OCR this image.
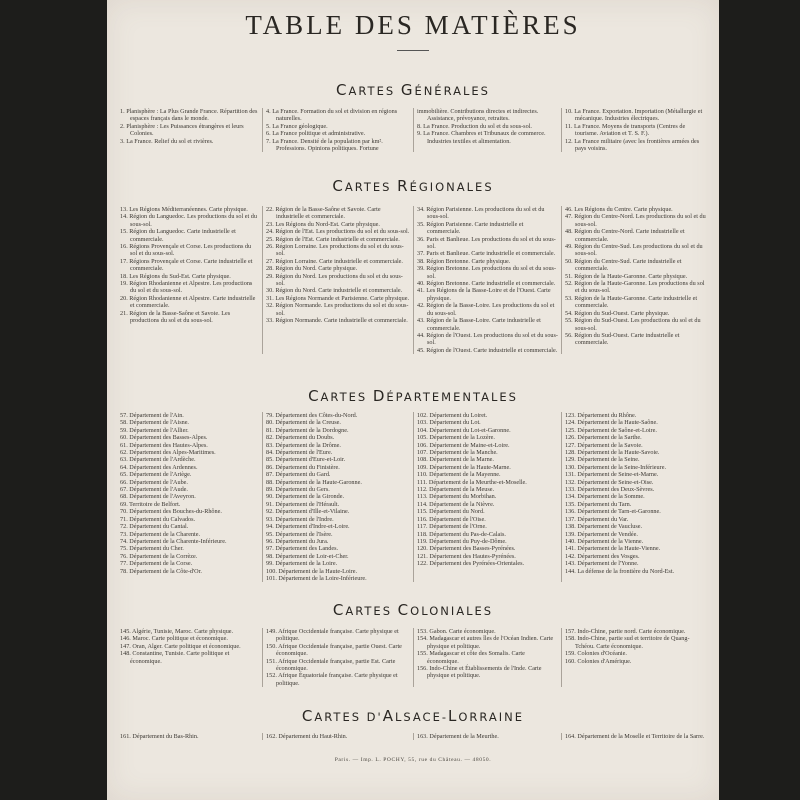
TABLE DES MATIÈRES
CARTES GÉNÉRALES

1. Planisphère : La Plus Grande France. Répartition des espaces français dans le monde.

2. Planisphère : Les Puissances étrangères et leurs Colonies.

3. La France. Relief du sol et rivières.

4. La France. Formation du sol et division en régions naturelles.

5. La France géologique.

6. La France politique et administrative.

7. La France. Densité de la population par km². Professions. Opinions politiques. Fortune

immobilière. Contributions directes et indirectes. Assistance, prévoyance, retraites.

8. La France. Production du sol et du sous-sol.

9. La France. Chambres et Tribunaux de commerce. Industries textiles et alimentation.

10. La France. Exportation. Importation (Métallurgie et mécanique. Industries électriques.

11. La France. Moyens de transports (Centres de tourisme. Aviation et T. S. F.).

12. La France militaire (avec les frontières armées des pays voisins.

CARTES RÉGIONALES

13. Les Régions Méditerranéennes. Carte physique.

14. Région du Languedoc. Les productions du sol et du sous-sol.

15. Région du Languedoc. Carte industrielle et commerciale.

16. Régions Provençale et Corse. Les productions du sol et du sous-sol.

17. Régions Provençale et Corse. Carte industrielle et commerciale.

18. Les Régions du Sud-Est. Carte physique.

19. Région Rhodanienne et Alpestre. Les productions du sol et du sous-sol.

20. Région Rhodanienne et Alpestre. Carte industrielle et commerciale.

21. Région de la Basse-Saône et Savoie. Les productions du sol et du sous-sol.

22. Région de la Basse-Saône et Savoie. Carte industrielle et commerciale.

23. Les Régions du Nord-Est. Carte physique.

24. Région de l'Est. Les productions du sol et du sous-sol.

25. Région de l'Est. Carte industrielle et commerciale.

26. Région Lorraine. Les productions du sol et du sous-sol.

27. Région Lorraine. Carte industrielle et commerciale.

28. Région du Nord. Carte physique.

29. Région du Nord. Les productions du sol et du sous-sol.

30. Région du Nord. Carte industrielle et commerciale.

31. Les Régions Normande et Parisienne. Carte physique.

32. Région Normande. Les productions du sol et du sous-sol.

33. Région Normande. Carte industrielle et commerciale.

34. Région Parisienne. Les productions du sol et du sous-sol.

35. Région Parisienne. Carte industrielle et commerciale.

36. Paris et Banlieue. Les productions du sol et du sous-sol.

37. Paris et Banlieue. Carte industrielle et commerciale.

38. Région Bretonne. Carte physique.

39. Région Bretonne. Les productions du sol et du sous-sol.

40. Région Bretonne. Carte industrielle et commerciale.

41. Les Régions de la Basse-Loire et de l'Ouest. Carte physique.

42. Région de la Basse-Loire. Les productions du sol et du sous-sol.

43. Région de la Basse-Loire. Carte industrielle et commerciale.

44. Région de l'Ouest. Les productions du sol et du sous-sol.

45. Région de l'Ouest. Carte industrielle et commerciale.

46. Les Régions du Centre. Carte physique.

47. Région du Centre-Nord. Les productions du sol et du sous-sol.

48. Région du Centre-Nord. Carte industrielle et commerciale.

49. Région du Centre-Sud. Les productions du sol et du sous-sol.

50. Région du Centre-Sud. Carte industrielle et commerciale.

51. Région de la Haute-Garonne. Carte physique.

52. Région de la Haute-Garonne. Les productions du sol et du sous-sol.

53. Région de la Haute-Garonne. Carte industrielle et commerciale.

54. Région du Sud-Ouest. Carte physique.

55. Région du Sud-Ouest. Les productions du sol et du sous-sol.

56. Région du Sud-Ouest. Carte industrielle et commerciale.

CARTES DÉPARTEMENTALES

57. Département de l'Ain.

58. Département de l'Aisne.

59. Département de l'Allier.

60. Département des Basses-Alpes.

61. Département des Hautes-Alpes.

62. Département des Alpes-Maritimes.

63. Département de l'Ardèche.

64. Département des Ardennes.

65. Département de l'Ariège.

66. Département de l'Aube.

67. Département de l'Aude.

68. Département de l'Aveyron.

69. Territoire de Belfort.

70. Département des Bouches-du-Rhône.

71. Département du Calvados.

72. Département du Cantal.

73. Département de la Charente.

74. Département de la Charente-Inférieure.

75. Département du Cher.

76. Département de la Corrèze.

77. Département de la Corse.

78. Département de la Côte-d'Or.

79. Département des Côtes-du-Nord.

80. Département de la Creuse.

81. Département de la Dordogne.

82. Département du Doubs.

83. Département de la Drôme.

84. Département de l'Eure.

85. Département d'Eure-et-Loir.

86. Département du Finistère.

87. Département du Gard.

88. Département de la Haute-Garonne.

89. Département du Gers.

90. Département de la Gironde.

91. Département de l'Hérault.

92. Département d'Ille-et-Vilaine.

93. Département de l'Indre.

94. Département d'Indre-et-Loire.

95. Département de l'Isère.

96. Département du Jura.

97. Département des Landes.

98. Département de Loir-et-Cher.

99. Département de la Loire.

100. Département de la Haute-Loire.

101. Département de la Loire-Inférieure.

102. Département du Loiret.

103. Département du Lot.

104. Département du Lot-et-Garonne.

105. Département de la Lozère.

106. Département de Maine-et-Loire.

107. Département de la Manche.

108. Département de la Marne.

109. Département de la Haute-Marne.

110. Département de la Mayenne.

111. Département de la Meurthe-et-Moselle.

112. Département de la Meuse.

113. Département du Morbihan.

114. Département de la Nièvre.

115. Département du Nord.

116. Département de l'Oise.

117. Département de l'Orne.

118. Département du Pas-de-Calais.

119. Département du Puy-de-Dôme.

120. Département des Basses-Pyrénées.

121. Département des Hautes-Pyrénées.

122. Département des Pyrénées-Orientales.

123. Département du Rhône.

124. Département de la Haute-Saône.

125. Département de Saône-et-Loire.

126. Département de la Sarthe.

127. Département de la Savoie.

128. Département de la Haute-Savoie.

129. Département de la Seine.

130. Département de la Seine-Inférieure.

131. Département de Seine-et-Marne.

132. Département de Seine-et-Oise.

133. Département des Deux-Sèvres.

134. Département de la Somme.

135. Département du Tarn.

136. Département de Tarn-et-Garonne.

137. Département du Var.

138. Département de Vaucluse.

139. Département de Vendée.

140. Département de la Vienne.

141. Département de la Haute-Vienne.

142. Département des Vosges.

143. Département de l'Yonne.

144. La défense de la frontière du Nord-Est.

CARTES COLONIALES

145. Algérie, Tunisie, Maroc. Carte physique.

146. Maroc. Carte politique et économique.

147. Oran, Alger. Carte politique et économique.

148. Constantine, Tunisie. Carte politique et économique.

149. Afrique Occidentale française. Carte physique et politique.

150. Afrique Occidentale française, partie Ouest. Carte économique.

151. Afrique Occidentale française, partie Est. Carte économique.

152. Afrique Équatoriale française. Carte physique et politique.

153. Gabon. Carte économique.

154. Madagascar et autres îles de l'Océan Indien. Carte physique et politique.

155. Madagascar et côte des Somalis. Carte économique.

156. Indo-Chine et Établissements de l'Inde. Carte physique et politique.

157. Indo-Chine, partie nord. Carte économique.

158. Indo-Chine, partie sud et territoire de Quang-Tchéou. Carte économique.

159. Colonies d'Océanie.

160. Colonies d'Amérique.

CARTES D'ALSACE-LORRAINE

161. Département du Bas-Rhin.	162. Département du Haut-Rhin.	163. Département de la Meurthe.	164. Département de la Moselle et Territoire de la Sarre.

Paris. — Imp. L. POCHY, 55, rue du Château. — 48050.
